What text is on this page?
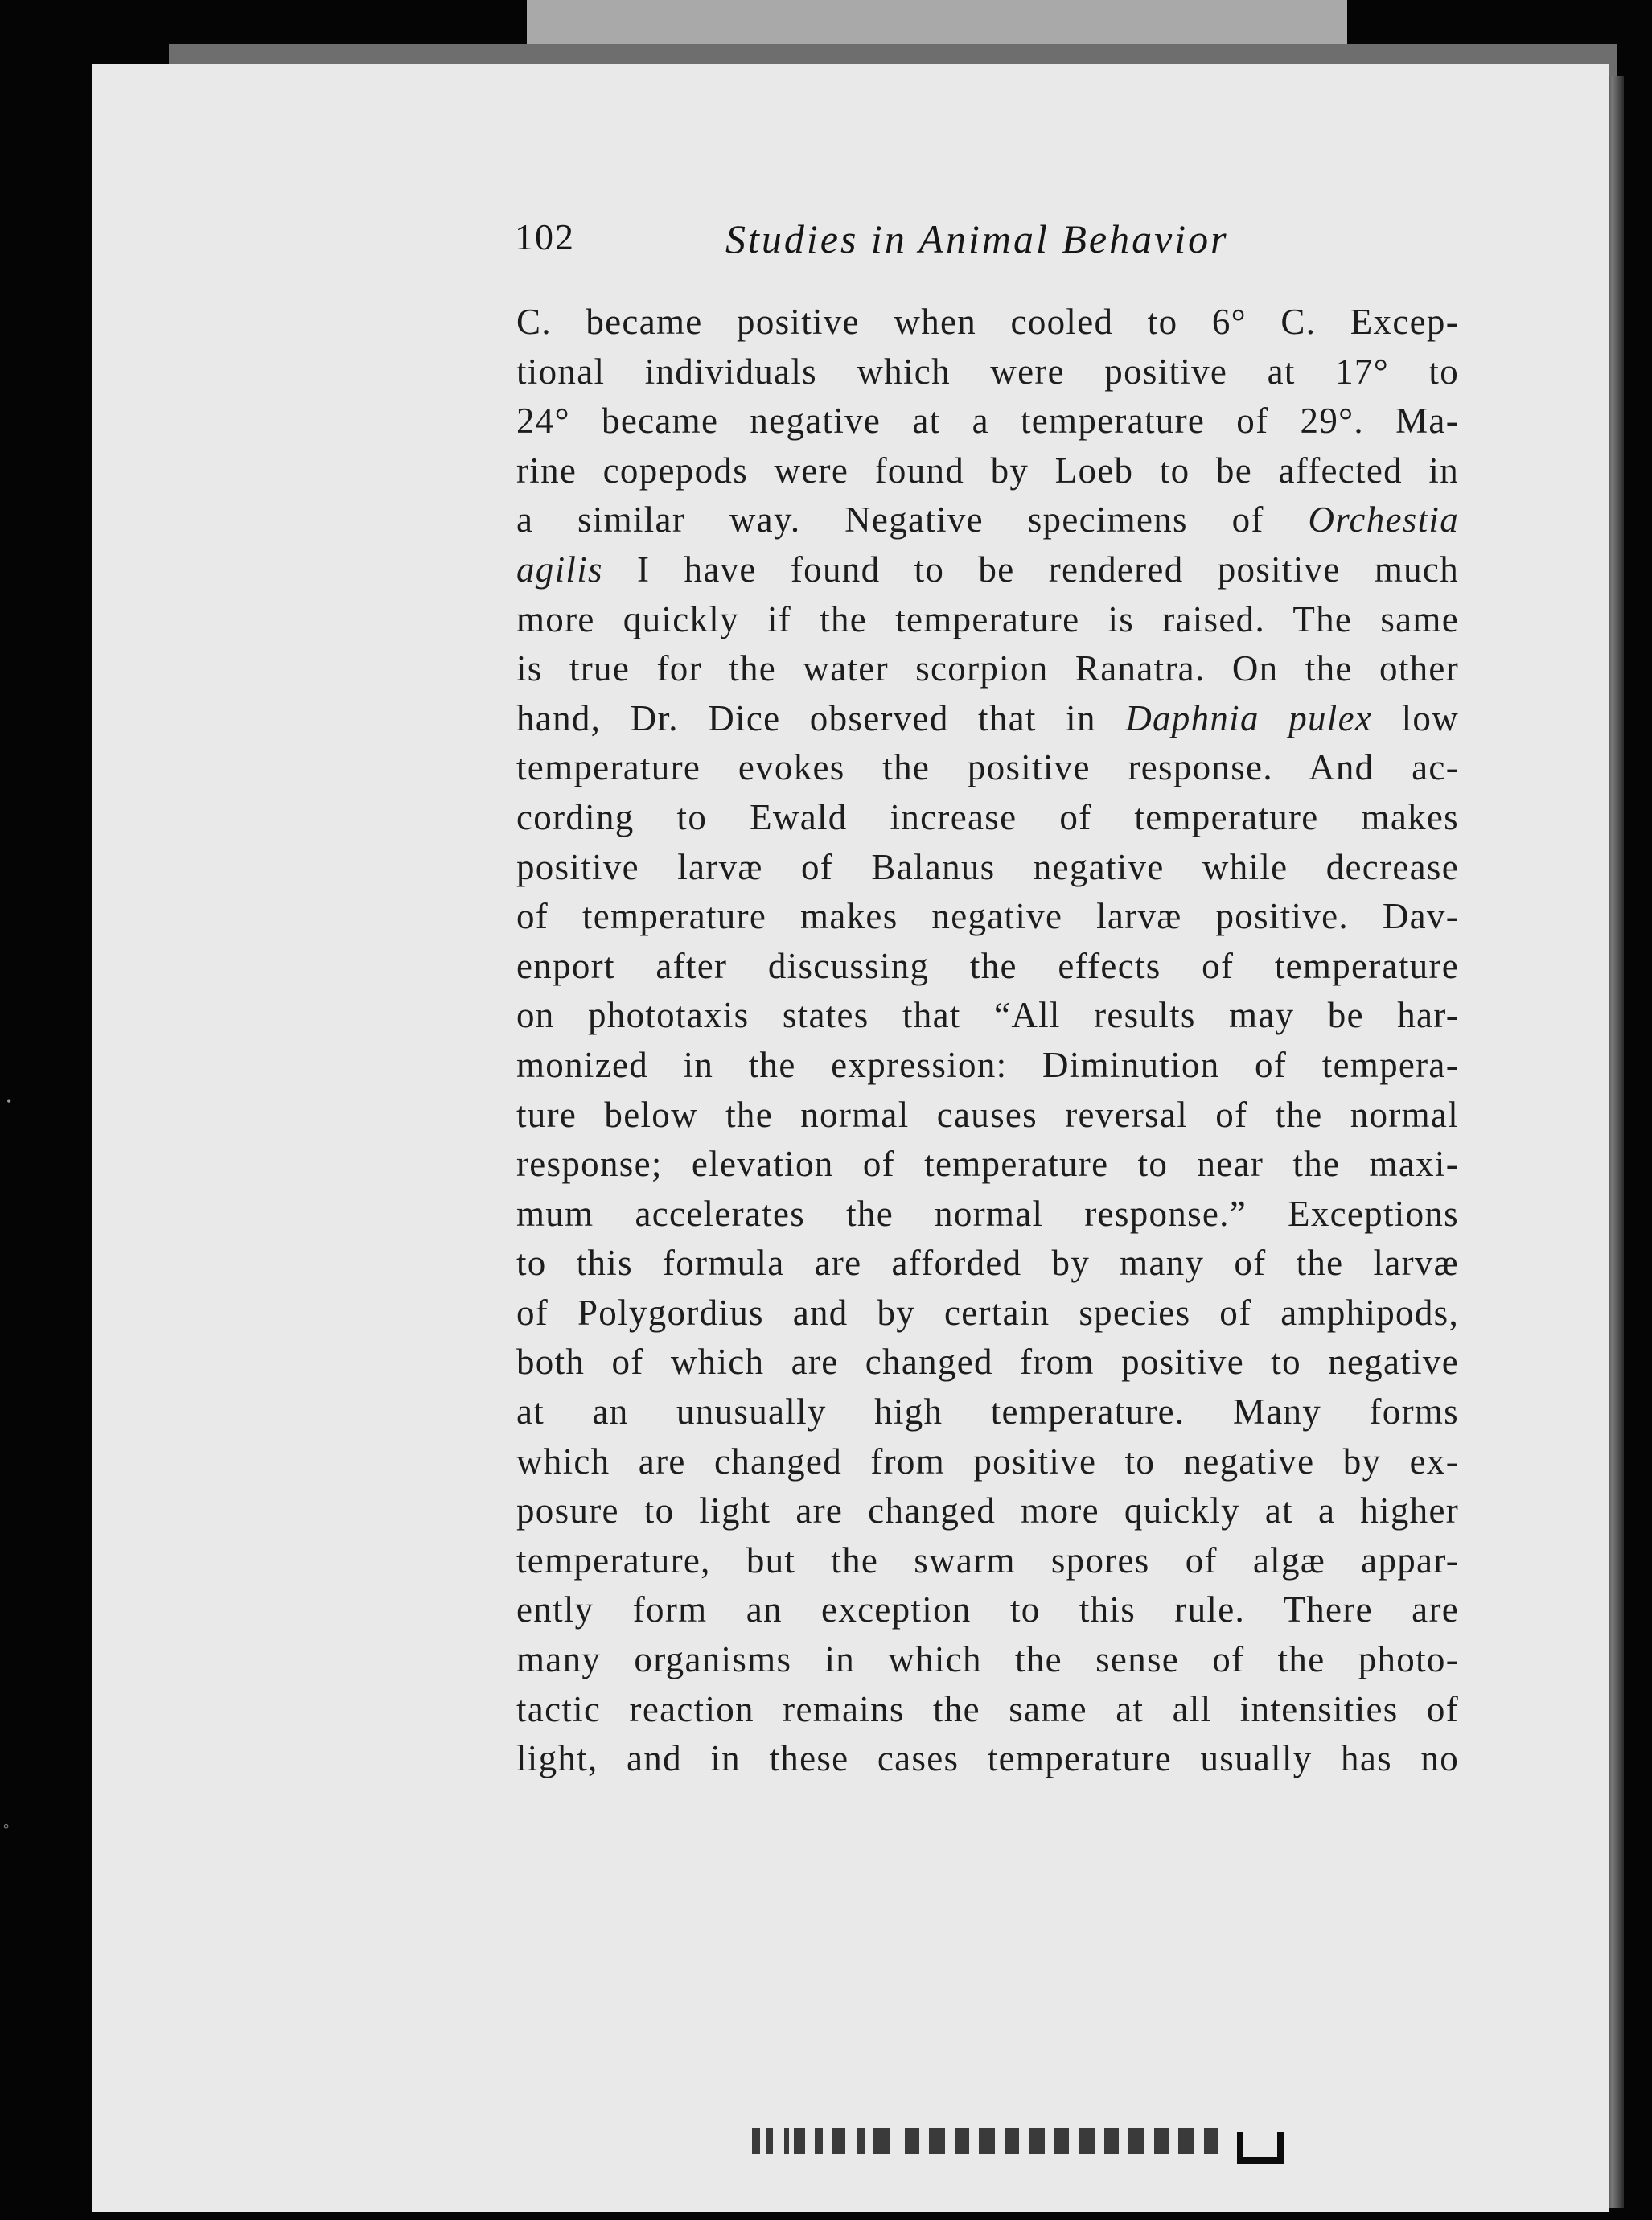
•
°
102	Studies in Animal Behavior
C. became positive when cooled to 6° C. Excep-
tional individuals which were positive at 17° to
24° became negative at a temperature of 29°. Ma-
rine copepods were found by Loeb to be affected in
a similar way. Negative specimens of Orchestia
agilis I have found to be rendered positive much
more quickly if the temperature is raised. The same
is true for the water scorpion Ranatra. On the other
hand, Dr. Dice observed that in Daphnia pulex low
temperature evokes the positive response. And ac-
cording to Ewald increase of temperature makes
positive larvæ of Balanus negative while decrease
of temperature makes negative larvæ positive. Dav-
enport after discussing the effects of temperature
on phototaxis states that “All results may be har-
monized in the expression: Diminution of tempera-
ture below the normal causes reversal of the normal
response; elevation of temperature to near the maxi-
mum accelerates the normal response.” Exceptions
to this formula are afforded by many of the larvæ
of Polygordius and by certain species of amphipods,
both of which are changed from positive to negative
at an unusually high temperature. Many forms
which are changed from positive to negative by ex-
posure to light are changed more quickly at a higher
temperature, but the swarm spores of algæ appar-
ently form an exception to this rule. There are
many organisms in which the sense of the photo-
tactic reaction remains the same at all intensities of
light, and in these cases temperature usually has no
